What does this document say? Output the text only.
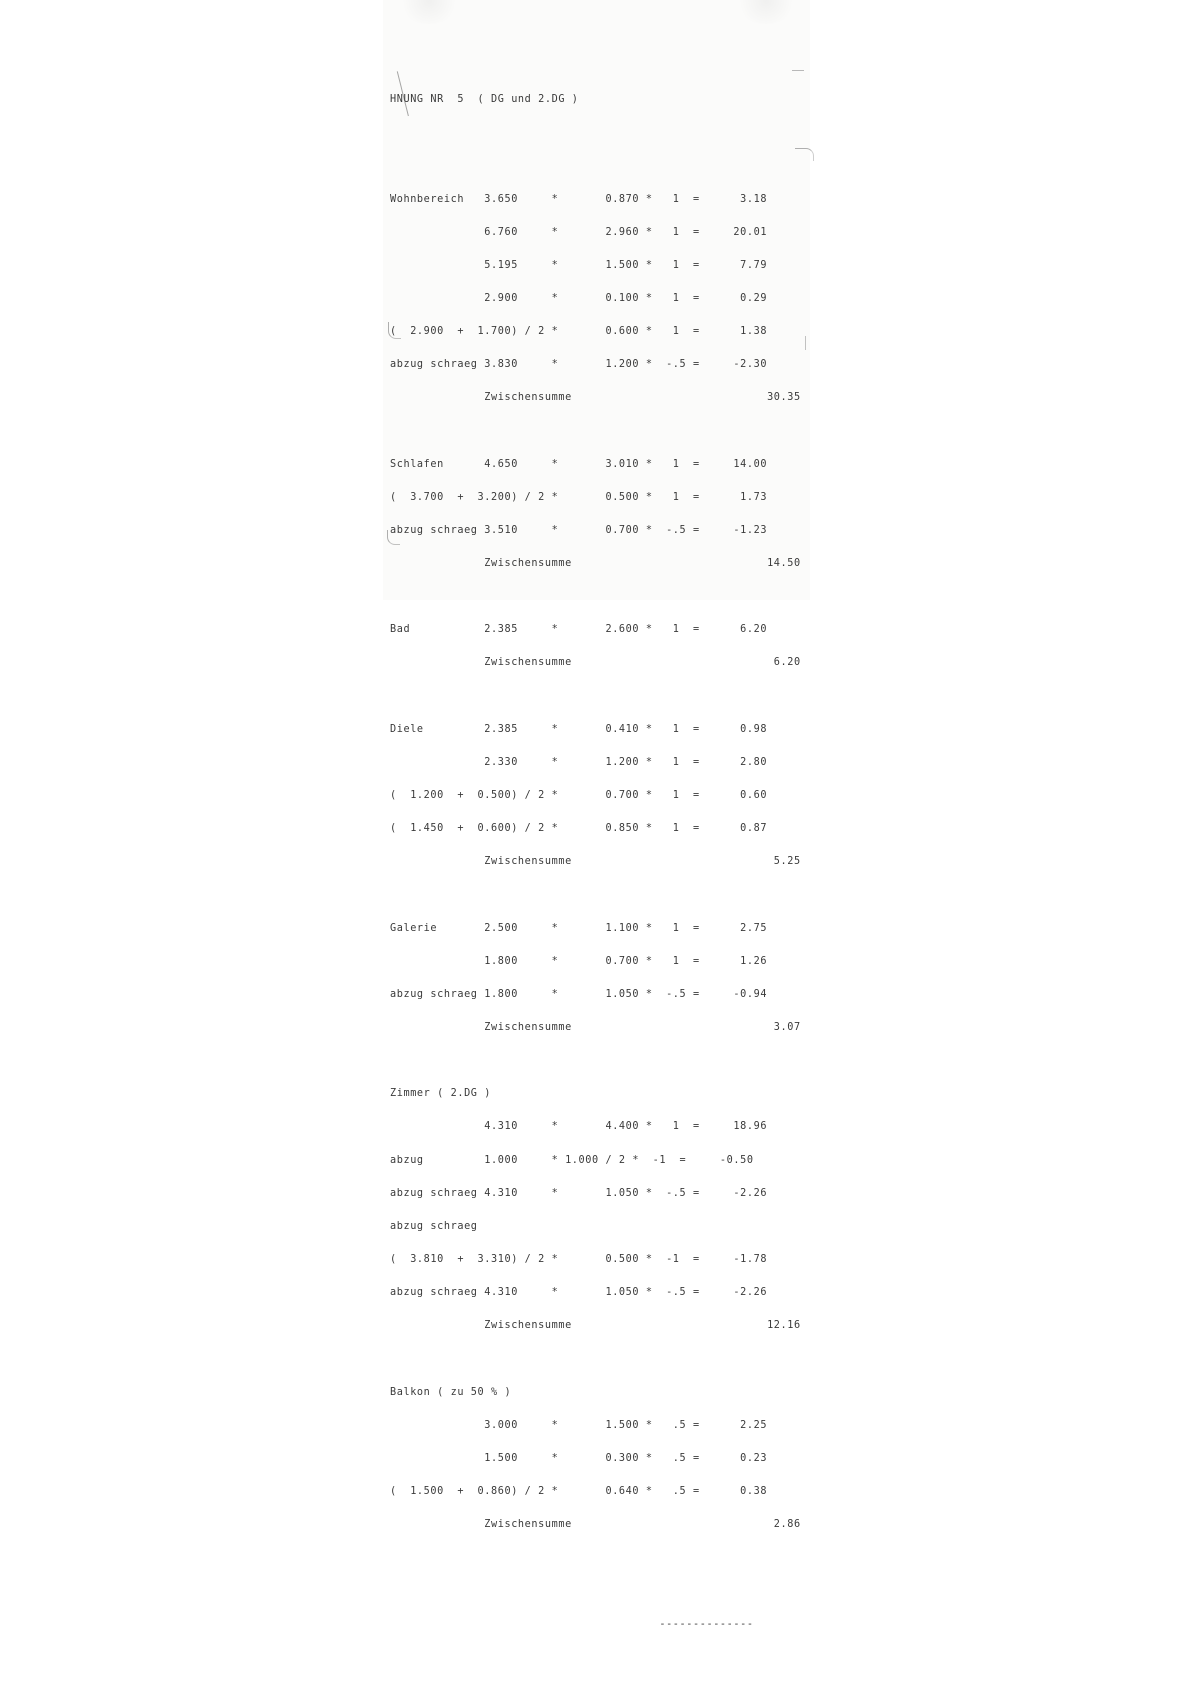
HNUNG NR  5  ( DG und 2.DG )

Wohnbereich   3.650     *       0.870 *   1  =      3.18

6.760     *       2.960 *   1  =     20.01

5.195     *       1.500 *   1  =      7.79

2.900     *       0.100 *   1  =      0.29

(  2.900  +  1.700) / 2 *       0.600 *   1  =      1.38

abzug schraeg 3.830     *       1.200 *  -.5 =     -2.30

Zwischensumme                             30.35

Schlafen      4.650     *       3.010 *   1  =     14.00

(  3.700  +  3.200) / 2 *       0.500 *   1  =      1.73

abzug schraeg 3.510     *       0.700 *  -.5 =     -1.23

Zwischensumme                             14.50

Bad           2.385     *       2.600 *   1  =      6.20

Zwischensumme                              6.20

Diele         2.385     *       0.410 *   1  =      0.98

2.330     *       1.200 *   1  =      2.80

(  1.200  +  0.500) / 2 *       0.700 *   1  =      0.60

(  1.450  +  0.600) / 2 *       0.850 *   1  =      0.87

Zwischensumme                              5.25

Galerie       2.500     *       1.100 *   1  =      2.75

1.800     *       0.700 *   1  =      1.26

abzug schraeg 1.800     *       1.050 *  -.5 =     -0.94

Zwischensumme                              3.07

Zimmer ( 2.DG )

4.310     *       4.400 *   1  =     18.96

abzug         1.000     * 1.000 / 2 *  -1  =     -0.50

abzug schraeg 4.310     *       1.050 *  -.5 =     -2.26

abzug schraeg

(  3.810  +  3.310) / 2 *       0.500 *  -1  =     -1.78

abzug schraeg 4.310     *       1.050 *  -.5 =     -2.26

Zwischensumme                             12.16

Balkon ( zu 50 % )

3.000     *       1.500 *   .5 =      2.25

1.500     *       0.300 *   .5 =      0.23

(  1.500  +  0.860) / 2 *       0.640 *   .5 =      0.38

Zwischensumme                              2.86

--------------
